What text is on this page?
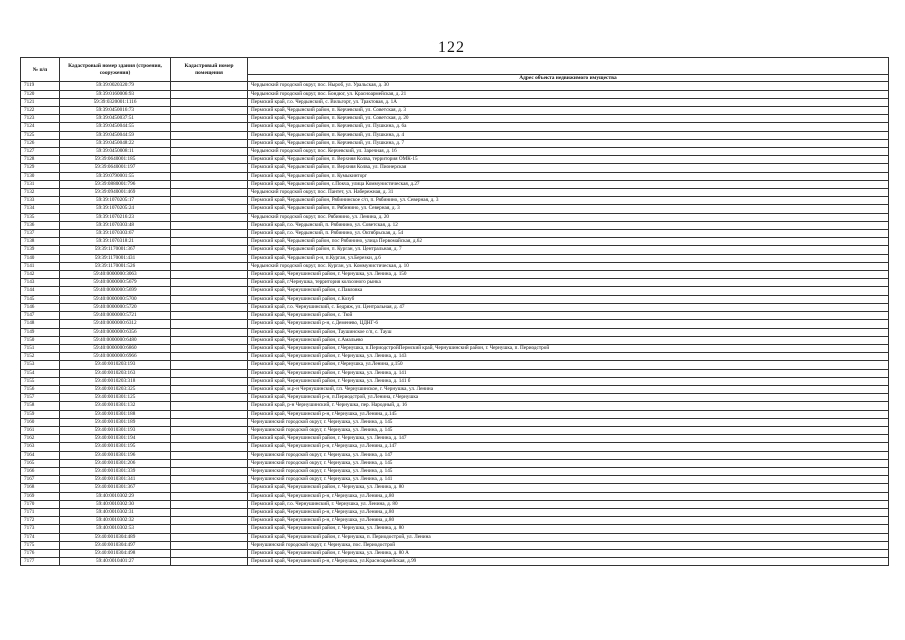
122
№ п/п	Кадастровый номер здания (строения, сооружения)	Кадастровый номер помещения	
			Адрес объекта недвижимого имущества
7119	59:39:0020320:79		Чердынский городской округ, пос. Ныроб, ул. Уральская, д. 30
7120	59:39:0160006:93		Чердынский городской округ, пос. Бондюг, ул. Красноармейская, д. 21
7121	59:39:0320001:1116		Пермский край, г.о. Чердынский, с. Вильгорт, ул. Трактовая, д. 1А
7122	59:39:0450016:73		Пермский край, Чердынский район, п. Керчевский, ул. Советская, д. 3
7123	59:39:0450037:51		Пермский край, Чердынский район, п. Керчевский, ул. Советская, д. 20
7124	59:39:0450044:55		Пермский край, Чердынский район, п. Керчевский, ул. Пушкина, д. 6а
7125	59:39:0450044:59		Пермский край, Чердынский район, п. Керчевский, ул. Пушкина, д. 4
7126	59:39:0450048:22		Пермский край, Чердынский район, п. Керчевский, ул. Пушкина, д. 7
7127	59:39:0450008:11		Чердынский городской округ, пос. Керчевский, ул. Заречная, д. 16
7128	59:39:0640001:185		Пермский край, Чердынский район, п. Верхняя Колва, территория ОМК-15
7129	59:39:0640001:197		Пермский край, Чердынский район, п. Верхняя Колва, ул. Пионерская
7130	59:39:0790001:55		Пермский край, Чердынский район, п. Кумыкинторг
7131	59:39:0880001:796		Пермский край, Чердынский район, с.Покча, улица Коммунистическая, д.27
7132	59:39:0940001:469		Чердынский городской округ, пос. Пантет, ул. Набережная, д. 31
7133	59:39:1070205:17		Пермский край, Чердынский район, Рябининское с/п, п. Рябинино, ул. Северная, д. 3
7134	59:39:1070205:24		Пермский край, Чердынский район, п. Рябинино, ул. Северная, д. 3
7135	59:39:1070216:23		Чердынский городской округ, пос. Рябинино, ул. Ленина, д. 20
7136	59:39:1070303:48		Пермский край, г.о. Чердынский, п. Рябинино, ул. Советская, д. 12
7137	59:39:1070303:67		Пермский край, г.о. Чердынский, п. Рябинино, ул. Октябрьская, д. 54
7138	59:39:1070318:21		Пермский край, Чердынский район, пос Рябинино, улица Первомайская, д.62
7139	59:39:1170001:367		Пермский край, Чердынский район, п. Курган, ул. Центральная, д. 7
7140	59:39:1170001:431		Пермский край, Чердынский р-н, п.Курган, ул.Березки, д.6
7141	59:39:1170001:526		Чердынский городской округ, пос. Курган, ул. Коммунистическая, д. 10
7142	59:40:0000000:3063		Пермский край, Чернушинский район, г. Чернушка, ул. Ленина, д. 150
7143	59:40:0000000:5679		Пермский край, г.Чернушка, территория колхозного рынка
7144	59:40:0000000:5699		Пермский край, Чернушинский район, с.Павловка
7145	59:40:0000000:5700		Пермский край, Чернушинский район, с.Козуб
7146	59:40:0000000:5720		Пермский край, г.о. Чернушинский, с. Бедряж, ул. Центральная, д. 47
7147	59:40:0000000:5721		Пермский край, Чернушинский район, с. Тюй
7148	59:40:0000000:6312		Пермский край, Чернушинский р-н, с.Деменево, ЦДНГ-6
7149	59:40:0000000:6356		Пермский край, Чернушинский район, Таушинское с/п, с. Тауш
7150	59:40:0000000:6480		Пермский край, Чернушинский район, с.Амальево
7151	59:40:0000000:6860		Пермский край, Чернушинский район, г.Чернушка, п.ПериодстройПермский край, Чернушинский район, г. Чернушка, п. Периодстрой
7152	59:40:0000000:6966		Пермский край, Чернушинский район, г. Чернушка, ул. Ленина, д. 143
7153	59:40:0010203:193		Пермский край, Чернушинский район, г.Чернушка, ул.Ленина, д.150
7154	59:40:0010203:163		Пермский край, Чернушинский район, г. Чернушка, ул. Ленина, д. 141
7155	59:40:0010203:318		Пермский край, Чернушинский район, г. Чернушка, ул. Ленина, д. 141 б
7156	59:40:0010203:325		Пермский край, м.р-н Чернушинский, г.п. Чернушинское, г. Чернушка, ул. Ленина
7157	59:40:0010301:125		Пермский край, Чернушинский р-н, п.Периодстрой, ул.Ленина, г.Чернушка
7158	59:40:0010301:132		Пермский край, р-н Чернушинский, г. Чернушка, пер. Народный, д. 16
7159	59:40:0010301:188		Пермский край, Чернушинский р-н, г.Чернушка, ул.Ленина, д.145
7160	59:40:0010301:189		Чернушинский городской округ, г. Чернушка, ул. Ленина, д. 145
7161	59:40:0010301:193		Чернушинский городской округ, г. Чернушка, ул. Ленина, д. 145
7162	59:40:0010301:194		Пермский край, Чернушинский район, г. Чернушка, ул. Ленина, д. 147
7163	59:40:0010301:195		Пермский край, Чернушинский р-н, г.Чернушка, ул.Ленина, д.147
7164	59:40:0010301:196		Чернушинский городской округ, г. Чернушка, ул. Ленина, д. 147
7165	59:40:0010301:206		Чернушинский городской округ, г. Чернушка, ул. Ленина, д. 145
7166	59:40:0010301:339		Чернушинский городской округ, г. Чернушка, ул. Ленина, д. 145
7167	59:40:0010301:341		Чернушинский городской округ, г. Чернушка, ул. Ленина, д. 141
7168	59:40:0010301:367		Пермский край, Чернушинский район, г. Чернушка, ул. Ленина, д. 80
7169	59:40:0010302:29		Пермский край, Чернушинский р-н, г.Чернушка, ул.Ленина, д.80
7170	59:40:0010302:30		Пермский край, г.о. Чернушинский, г. Чернушка, ул. Ленина, д. 80
7171	59:40:0010302:31		Пермский край, Чернушинский р-н, г.Чернушка, ул.Ленина, д.80
7172	59:40:0010302:32		Пермский край, Чернушинский р-н, г.Чернушка, ул.Ленина, д.80
7173	59:40:0010302:53		Пермский край, Чернушинский район, г. Чернушка, ул. Ленина, д. 80
7174	59:40:0010304:489		Пермский край, Чернушинский район, г. Чернушка, п. Периодострой, ул. Ленина
7175	59:40:0010304:497		Чернушинский городской округ, г. Чернушка, пос. Периодострой
7176	59:40:0010304:498		Пермский край, Чернушинский район, г. Чернушка, ул. Ленина, д. 80 А
7177	59:40:0010401:27		Пермский край, Чернушинский р-н, г.Чернушка, ул.Красноармейская, д.99
